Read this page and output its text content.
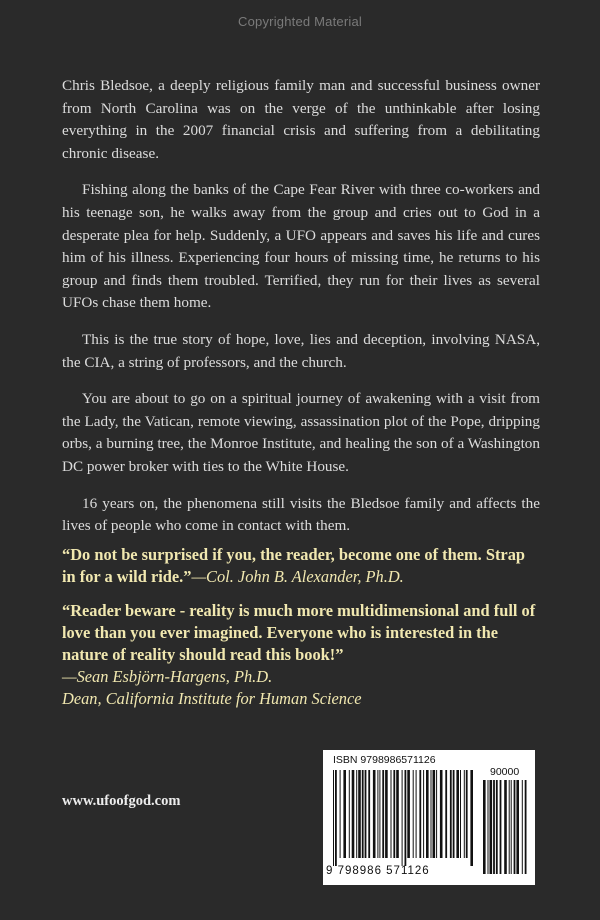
Copyrighted Material

Chris Bledsoe, a deeply religious family man and successful business owner from North Carolina was on the verge of the unthinkable after losing everything in the 2007 financial crisis and suffering from a debilitating chronic disease.

Fishing along the banks of the Cape Fear River with three co-workers and his teenage son, he walks away from the group and cries out to God in a desperate plea for help. Suddenly, a UFO appears and saves his life and cures him of his illness. Experiencing four hours of missing time, he returns to his group and finds them troubled. Terrified, they run for their lives as several UFOs chase them home.

This is the true story of hope, love, lies and deception, involving NASA, the CIA, a string of professors, and the church.

You are about to go on a spiritual journey of awakening with a visit from the Lady, the Vatican, remote viewing, assassination plot of the Pope, dripping orbs, a burning tree, the Monroe Institute, and healing the son of a Washington DC power broker with ties to the White House.

16 years on, the phenomena still visits the Bledsoe family and affects the lives of people who come in contact with them.

“Do not be surprised if you, the reader, become one of them. Strap in for a wild ride.”—Col. John B. Alexander, Ph.D.

“Reader beware - reality is much more multidimensional and full of love than you ever imagined. Everyone who is interested in the nature of reality should read this book!”
—Sean Esbjörn-Hargens, Ph.D.
Dean, California Institute for Human Science

www.ufoofgod.com
ISBN 9798986571126
90000
9 798986 571126
